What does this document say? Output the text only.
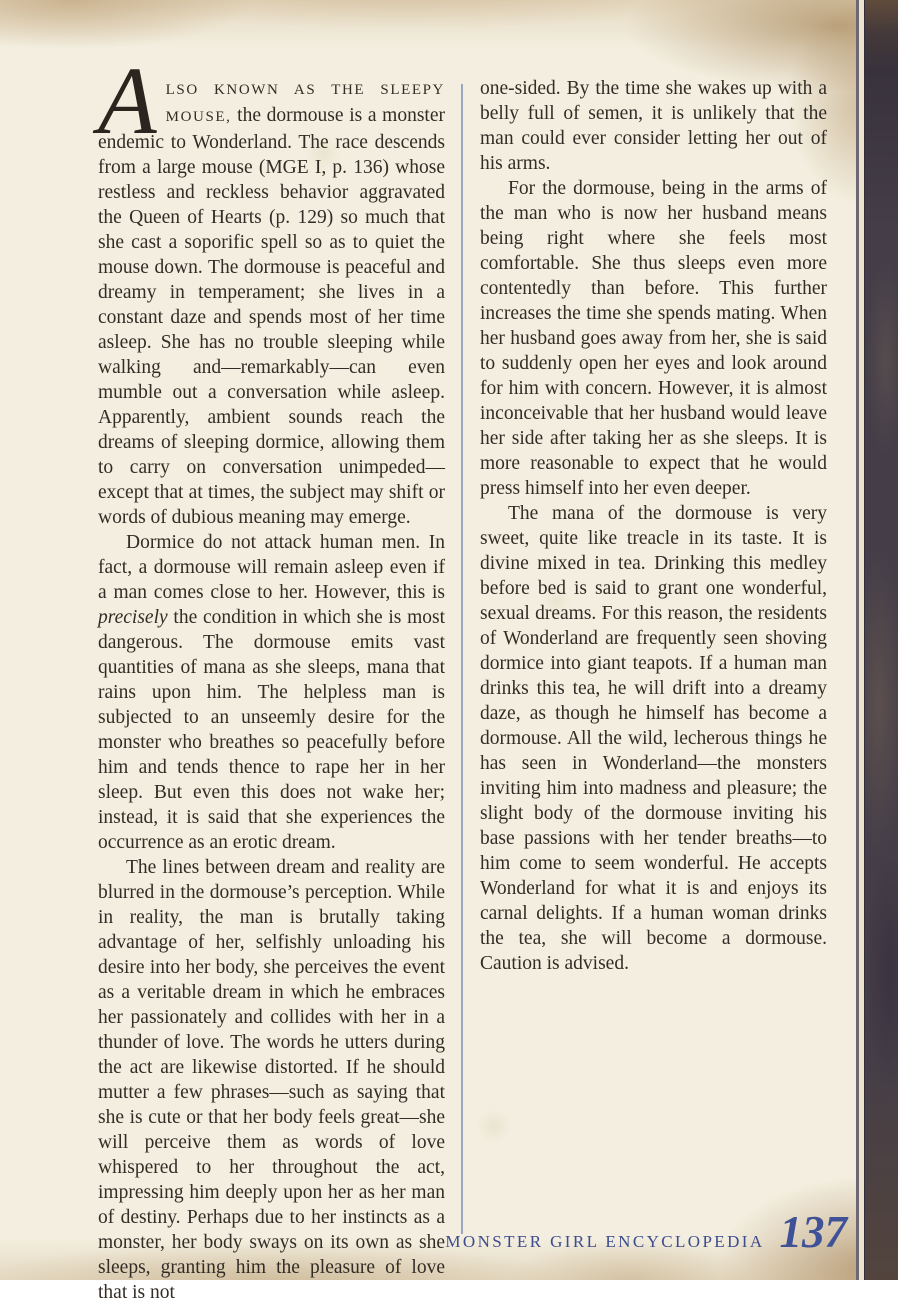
ALSO KNOWN AS THE SLEEPY MOUSE, the dormouse is a monster endemic to Wonderland. The race descends from a large mouse (MGE I, p. 136) whose restless and reckless behavior aggravated the Queen of Hearts (p. 129) so much that she cast a soporific spell so as to quiet the mouse down. The dormouse is peaceful and dreamy in temperament; she lives in a constant daze and spends most of her time asleep. She has no trouble sleeping while walking and—remarkably—can even mumble out a conversation while asleep. Apparently, ambient sounds reach the dreams of sleeping dormice, allowing them to carry on conversation unimpeded—except that at times, the subject may shift or words of dubious meaning may emerge.

Dormice do not attack human men. In fact, a dormouse will remain asleep even if a man comes close to her. However, this is precisely the condition in which she is most dangerous. The dormouse emits vast quantities of mana as she sleeps, mana that rains upon him. The helpless man is subjected to an unseemly desire for the monster who breathes so peacefully before him and tends thence to rape her in her sleep. But even this does not wake her; instead, it is said that she experiences the occurrence as an erotic dream.

The lines between dream and reality are blurred in the dormouse’s perception. While in reality, the man is brutally taking advantage of her, selfishly unloading his desire into her body, she perceives the event as a veritable dream in which he embraces her passionately and collides with her in a thunder of love. The words he utters during the act are likewise distorted. If he should mutter a few phrases—such as saying that she is cute or that her body feels great—she will perceive them as words of love whispered to her throughout the act, impressing him deeply upon her as her man of destiny. Perhaps due to her instincts as a monster, her body sways on its own as she sleeps, granting him the pleasure of love that is not

one-sided. By the time she wakes up with a belly full of semen, it is unlikely that the man could ever consider letting her out of his arms.

For the dormouse, being in the arms of the man who is now her husband means being right where she feels most comfortable. She thus sleeps even more contentedly than before. This further increases the time she spends mating. When her husband goes away from her, she is said to suddenly open her eyes and look around for him with concern. However, it is almost inconceivable that her husband would leave her side after taking her as she sleeps. It is more reasonable to expect that he would press himself into her even deeper.

The mana of the dormouse is very sweet, quite like treacle in its taste. It is divine mixed in tea. Drinking this medley before bed is said to grant one wonderful, sexual dreams. For this reason, the residents of Wonderland are frequently seen shoving dormice into giant teapots. If a human man drinks this tea, he will drift into a dreamy daze, as though he himself has become a dormouse. All the wild, lecherous things he has seen in Wonderland—the monsters inviting him into madness and pleasure; the slight body of the dormouse inviting his base passions with her tender breaths—to him come to seem wonderful. He accepts Wonderland for what it is and enjoys its carnal delights. If a human woman drinks the tea, she will become a dormouse. Caution is advised.

MONSTER GIRL ENCYCLOPEDIA 137
